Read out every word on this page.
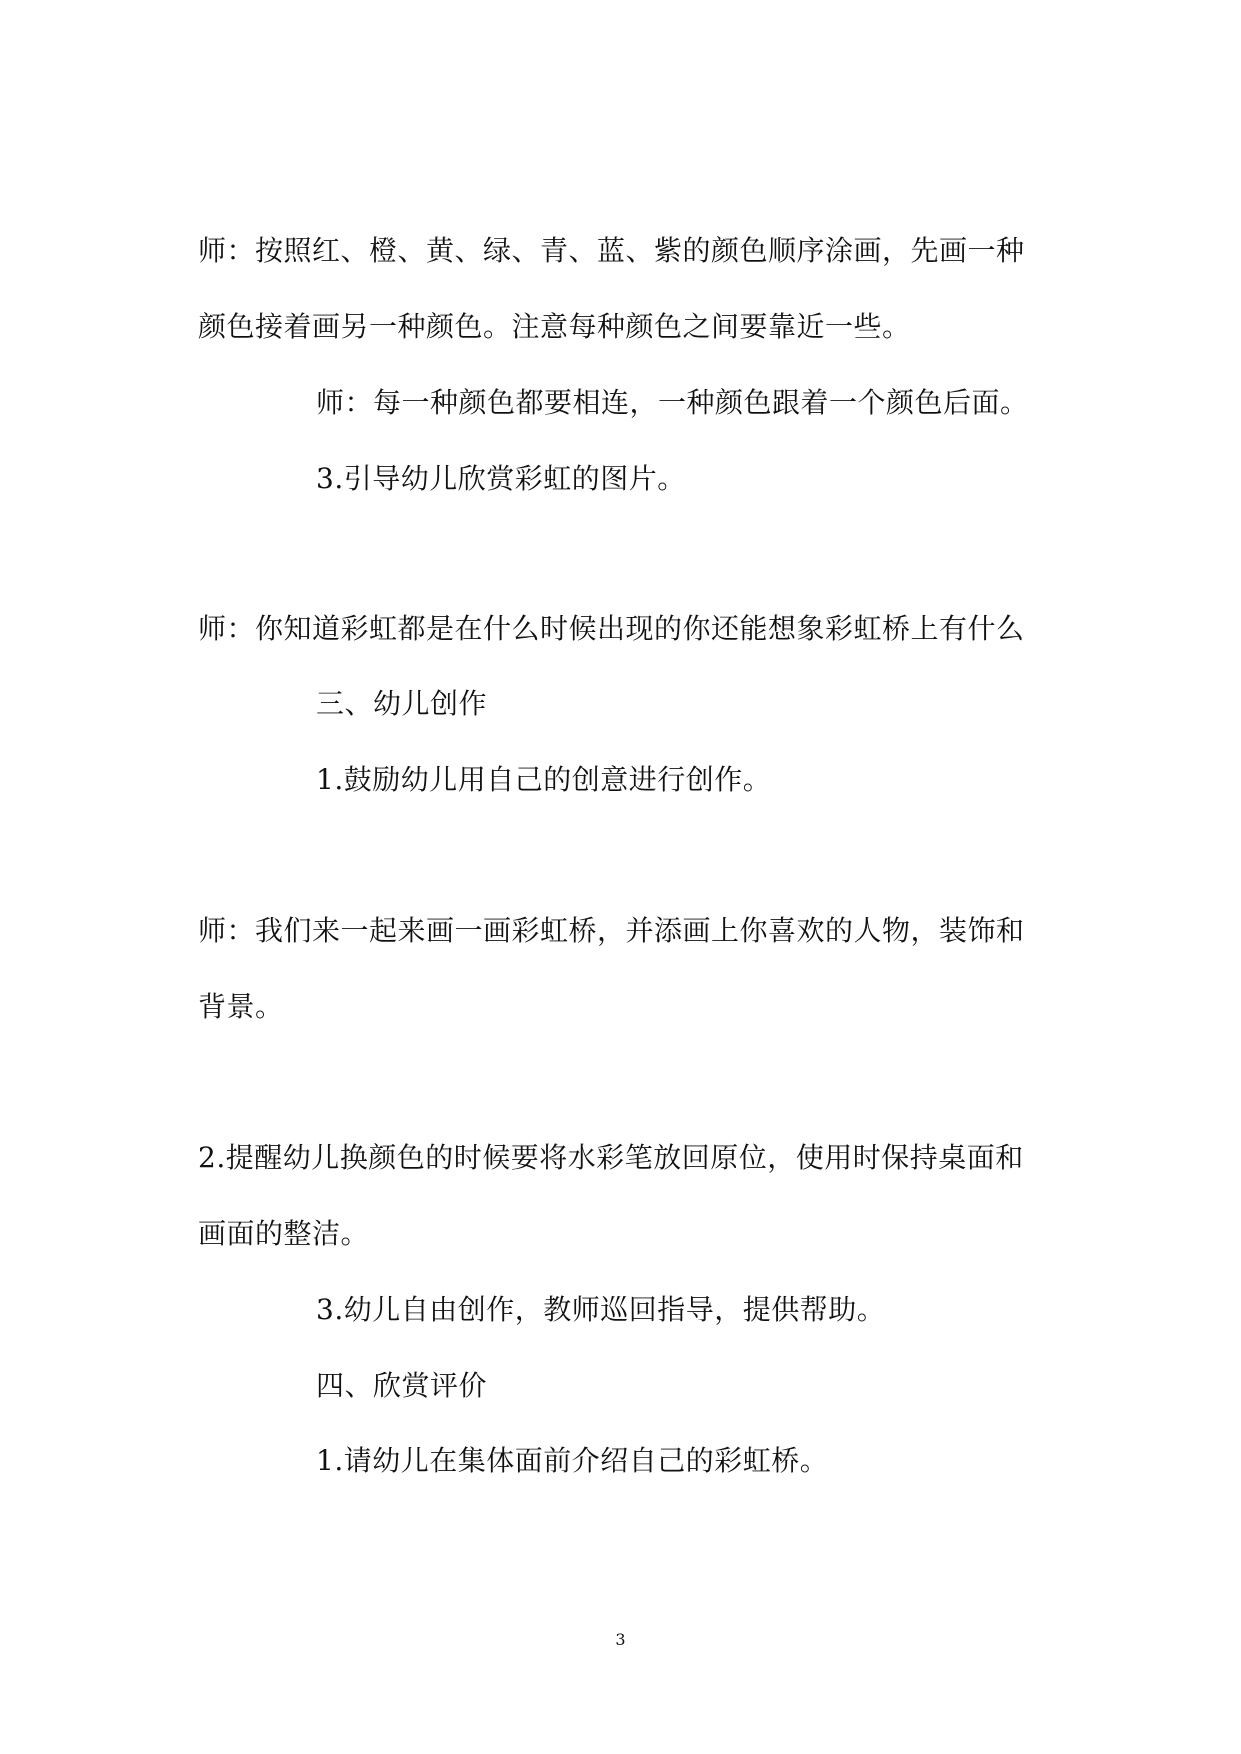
师：按照红、橙、黄、绿、青、蓝、紫的颜色顺序涂画，先画一种
颜色接着画另一种颜色。注意每种颜色之间要靠近一些。
师：每一种颜色都要相连，一种颜色跟着一个颜色后面。
3.引导幼儿欣赏彩虹的图片。
师：你知道彩虹都是在什么时候出现的你还能想象彩虹桥上有什么
三、幼儿创作
1.鼓励幼儿用自己的创意进行创作。
师：我们来一起来画一画彩虹桥，并添画上你喜欢的人物，装饰和
背景。
2.提醒幼儿换颜色的时候要将水彩笔放回原位，使用时保持桌面和
画面的整洁。
3.幼儿自由创作，教师巡回指导，提供帮助。
四、欣赏评价
1.请幼儿在集体面前介绍自己的彩虹桥。
3
